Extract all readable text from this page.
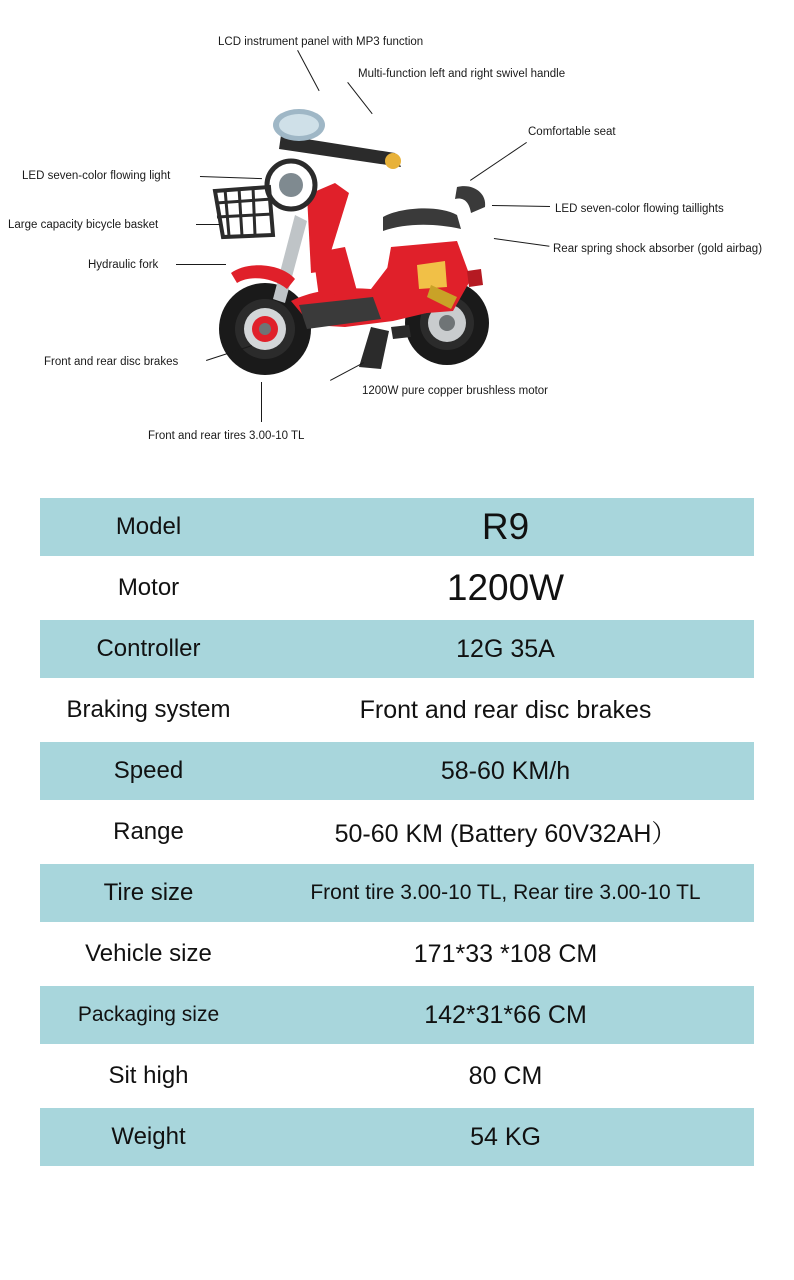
LCD instrument panel with MP3 function
Multi-function left and right swivel handle
Comfortable seat
LED seven-color flowing light
LED seven-color flowing taillights
Large capacity bicycle basket
Rear spring shock absorber (gold airbag)
Hydraulic fork
Front and rear disc brakes
1200W pure copper brushless motor
Front and rear tires 3.00-10 TL
Model	R9
Motor	1200W
Controller	12G 35A
Braking system	Front and rear disc brakes
Speed	58-60 KM/h
Range	50-60 KM (Battery 60V32AH）
Tire size	Front tire 3.00-10 TL, Rear tire 3.00-10 TL
Vehicle size	171*33 *108 CM
Packaging size	142*31*66 CM
Sit high	80 CM
Weight	54 KG
